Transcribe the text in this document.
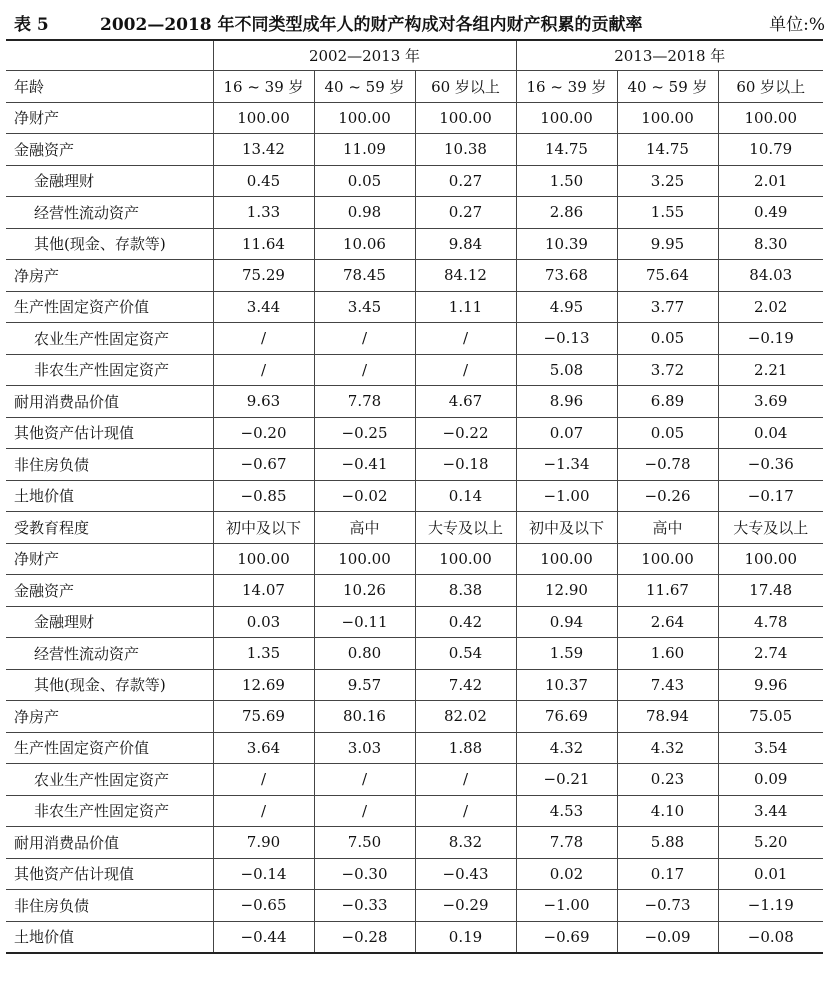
表 5	2002—2018 年不同类型成年人的财产构成对各组内财产积累的贡献率	单位:%
	2002—2013 年			2013—2018 年		
年龄	16 ~ 39 岁	40 ~ 59 岁	60 岁以上	16 ~ 39 岁	40 ~ 59 岁	60 岁以上
净财产	100.00	100.00	100.00	100.00	100.00	100.00
金融资产	13.42	11.09	10.38	14.75	14.75	10.79
金融理财	0.45	0.05	0.27	1.50	3.25	2.01
经营性流动资产	1.33	0.98	0.27	2.86	1.55	0.49
其他(现金、存款等)	11.64	10.06	9.84	10.39	9.95	8.30
净房产	75.29	78.45	84.12	73.68	75.64	84.03
生产性固定资产价值	3.44	3.45	1.11	4.95	3.77	2.02
农业生产性固定资产	/	/	/	−0.13	0.05	−0.19
非农生产性固定资产	/	/	/	5.08	3.72	2.21
耐用消费品价值	9.63	7.78	4.67	8.96	6.89	3.69
其他资产估计现值	−0.20	−0.25	−0.22	0.07	0.05	0.04
非住房负债	−0.67	−0.41	−0.18	−1.34	−0.78	−0.36
土地价值	−0.85	−0.02	0.14	−1.00	−0.26	−0.17
受教育程度	初中及以下	高中	大专及以上	初中及以下	高中	大专及以上
净财产	100.00	100.00	100.00	100.00	100.00	100.00
金融资产	14.07	10.26	8.38	12.90	11.67	17.48
金融理财	0.03	−0.11	0.42	0.94	2.64	4.78
经营性流动资产	1.35	0.80	0.54	1.59	1.60	2.74
其他(现金、存款等)	12.69	9.57	7.42	10.37	7.43	9.96
净房产	75.69	80.16	82.02	76.69	78.94	75.05
生产性固定资产价值	3.64	3.03	1.88	4.32	4.32	3.54
农业生产性固定资产	/	/	/	−0.21	0.23	0.09
非农生产性固定资产	/	/	/	4.53	4.10	3.44
耐用消费品价值	7.90	7.50	8.32	7.78	5.88	5.20
其他资产估计现值	−0.14	−0.30	−0.43	0.02	0.17	0.01
非住房负债	−0.65	−0.33	−0.29	−1.00	−0.73	−1.19
土地价值	−0.44	−0.28	0.19	−0.69	−0.09	−0.08
